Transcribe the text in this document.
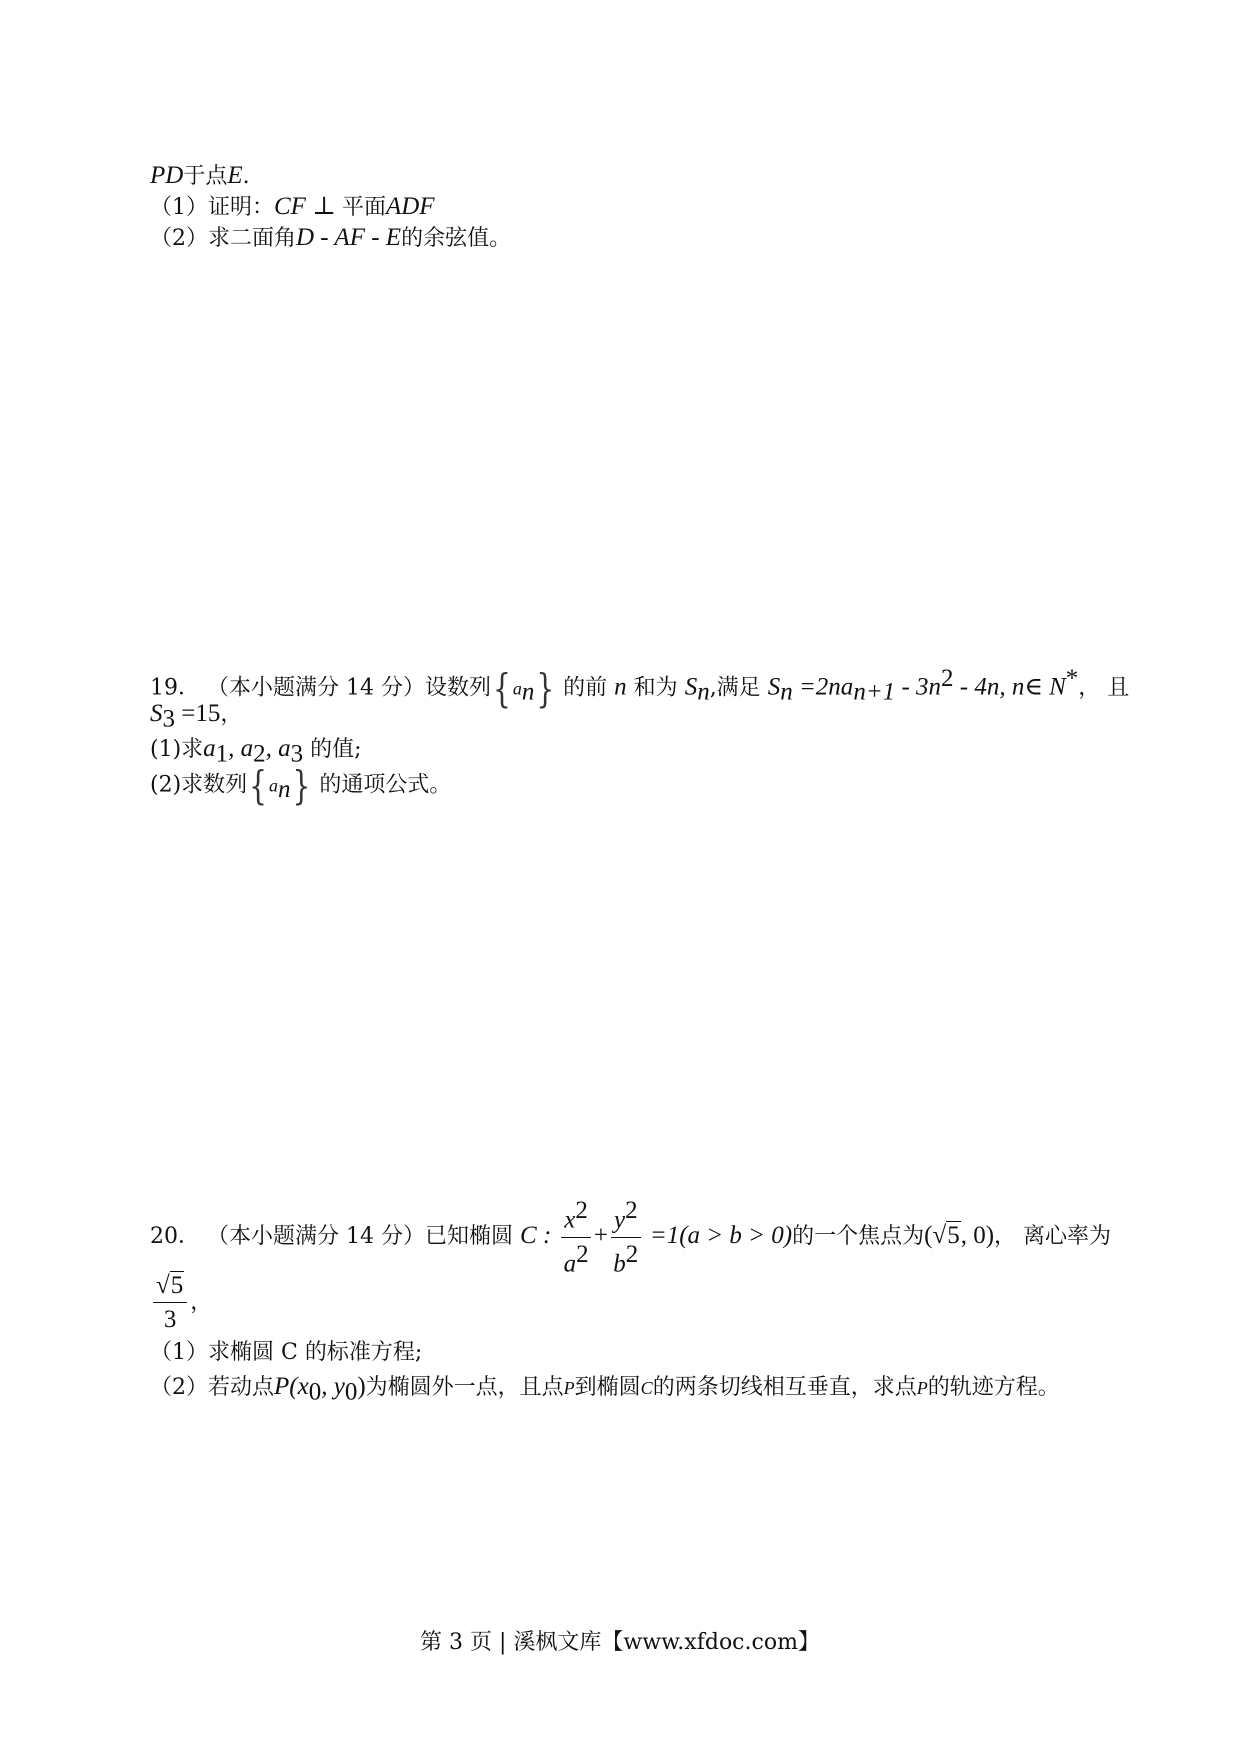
PD于点E.
（1）证明：CF ⊥ 平面ADF
（2）求二面角D - AF - E的余弦值。
19． （本小题满分 14 分）设数列{ $a_n$} 的前 n 和为 $S_n$,满足 $S_n =2na_{n+1} - 3n^2 - 4n$, n∈ N*， 且
$S_3 =15$，
(1)求$a_1$, $a_2$, $a_3$ 的值;
(2)求数列{ $a_n$} 的通项公式。
20． （本小题满分 14 分）已知椭圆 C : $\frac{x^2}{a^2} + \frac{y^2}{b^2} =1(a > b > 0)$的一个焦点为(√5, 0)， 离心率为
$\frac{√5}{3}$ ，
（1）求椭圆 C 的标准方程;
（2）若动点$P(x_0$, $y_0$)为椭圆外一点，且点P到椭圆C的两条切线相互垂直，求点P的轨迹方程。
第 3 页 | 溪枫文库【www.xfdoc.com】
